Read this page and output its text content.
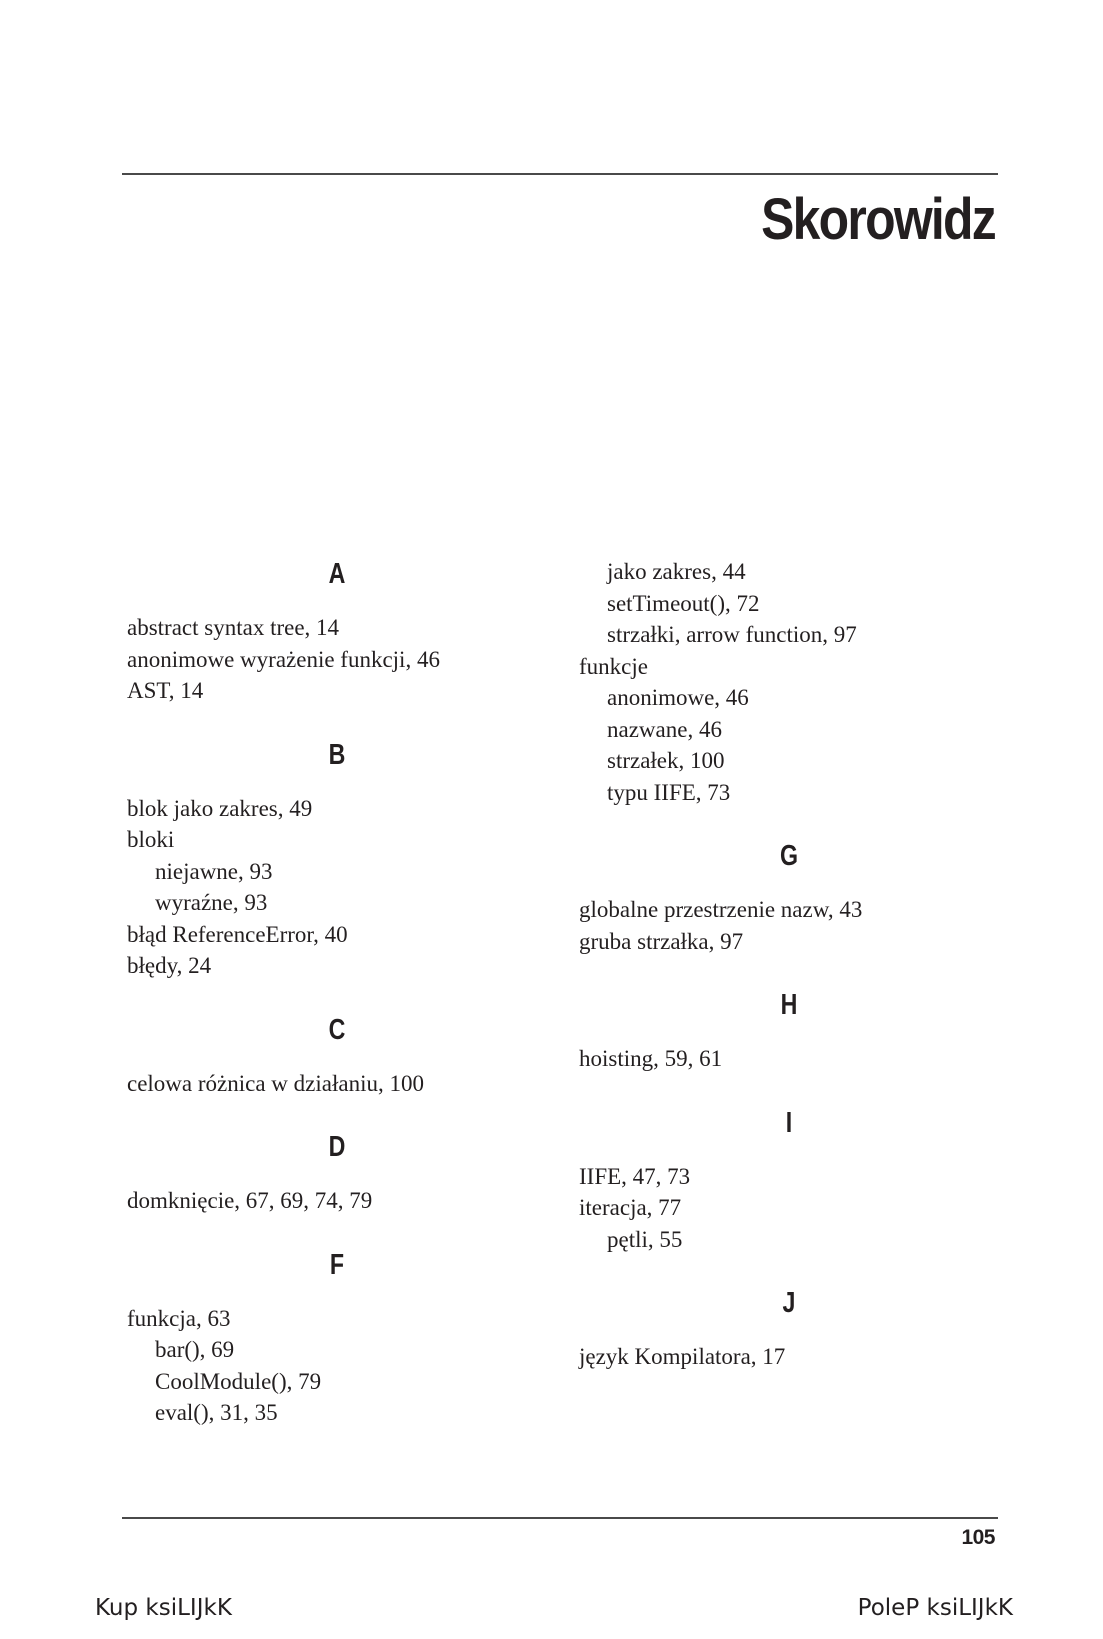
Skorowidz
A
abstract syntax tree, 14
anonimowe wyrażenie funkcji, 46
AST, 14
B
blok jako zakres, 49
bloki
niejawne, 93
wyraźne, 93
błąd ReferenceError, 40
błędy, 24
C
celowa różnica w działaniu, 100
D
domknięcie, 67, 69, 74, 79
F
funkcja, 63
bar(), 69
CoolModule(), 79
eval(), 31, 35
jako zakres, 44
setTimeout(), 72
strzałki, arrow function, 97
funkcje
anonimowe, 46
nazwane, 46
strzałek, 100
typu IIFE, 73
G
globalne przestrzenie nazw, 43
gruba strzałka, 97
H
hoisting, 59, 61
I
IIFE, 47, 73
iteracja, 77
pętli, 55
J
język Kompilatora, 17
105
Kup ksiLIJkK	PoleP ksiLIJkK
